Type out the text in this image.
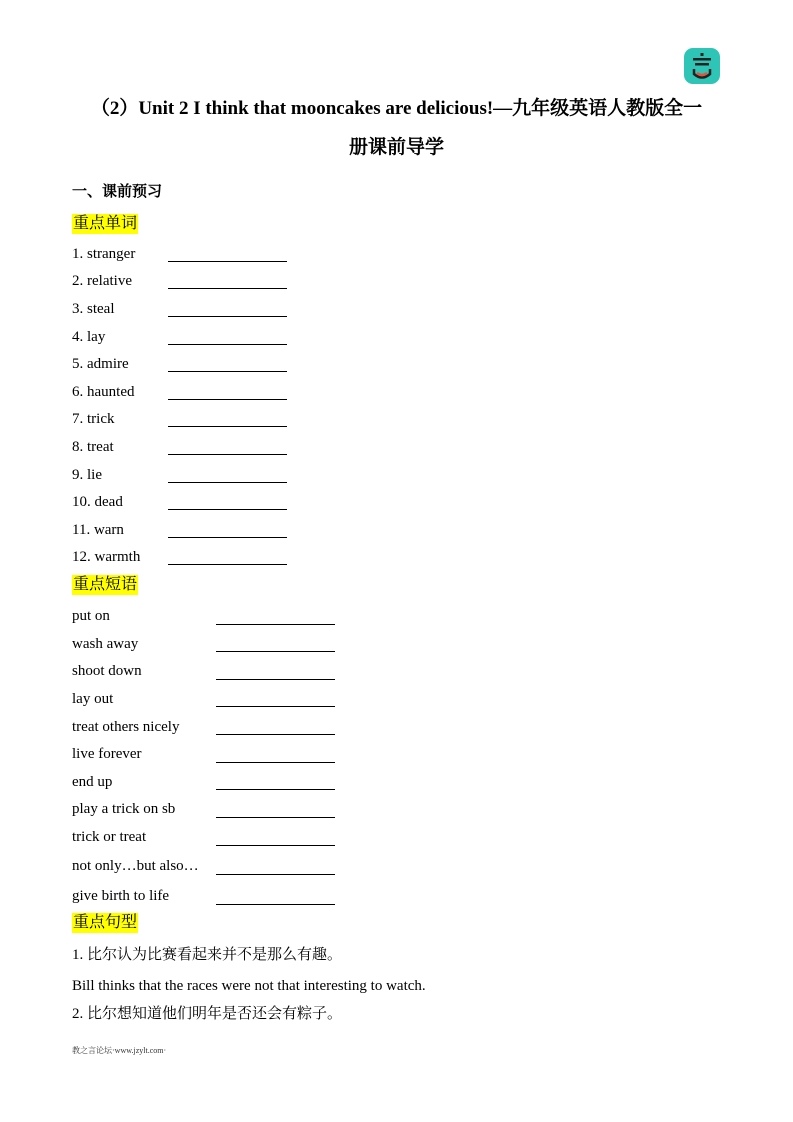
（2）Unit 2 I think that mooncakes are delicious!—九年级英语人教版全一
册课前导学
一、课前预习
重点单词
1. stranger
2. relative
3. steal
4. lay
5. admire
6. haunted
7. trick
8. treat
9. lie
10. dead
11. warn
12. warmth
重点短语
put on
wash away
shoot down
lay out
treat others nicely
live forever
end up
play a trick on sb
trick or treat
not only…but also…
give birth to life
重点句型
1. 比尔认为比赛看起来并不是那么有趣。
Bill thinks that the races were not that interesting to watch.
2. 比尔想知道他们明年是否还会有粽子。
教之言论坛·www.jzylt.com·
